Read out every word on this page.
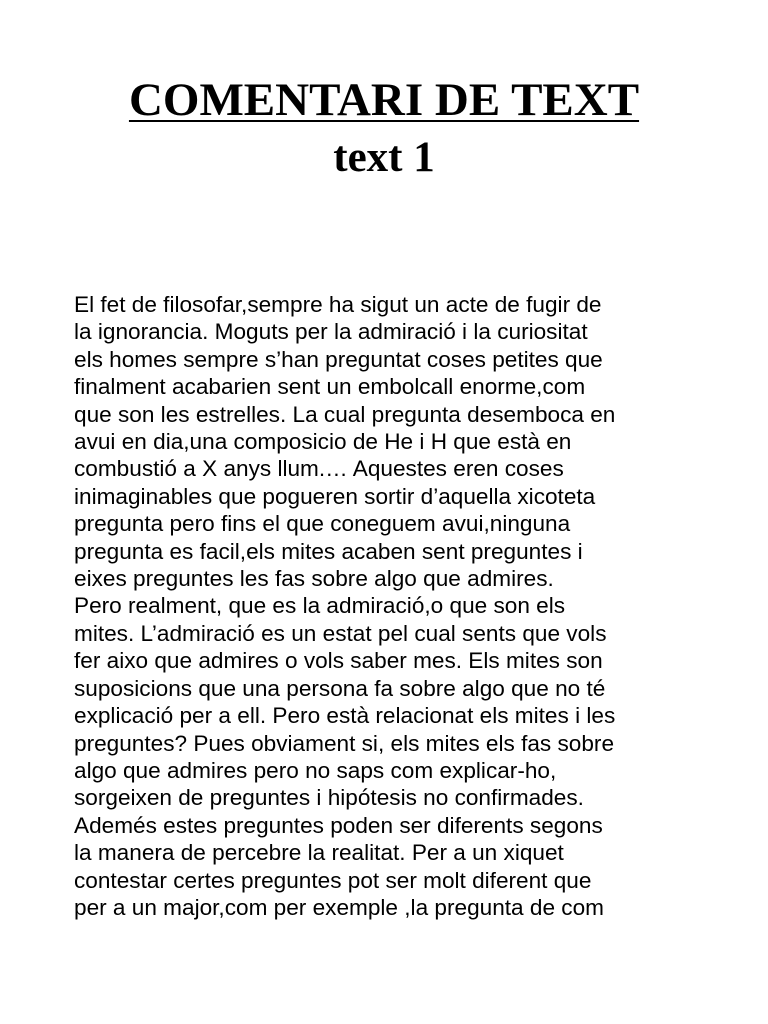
COMENTARI DE TEXT
text 1
El fet de filosofar,sempre ha sigut un acte de fugir de
la ignorancia. Moguts per la admiració i la curiositat
els homes sempre s’han preguntat coses petites que
finalment acabarien sent un embolcall enorme,com
que son les estrelles. La cual pregunta desemboca en
avui en dia,una composicio de He i H que està en
combustió a X anys llum.… Aquestes eren coses
inimaginables que pogueren sortir d’aquella xicoteta
pregunta pero fins el que coneguem avui,ninguna
pregunta es facil,els mites acaben sent preguntes i
eixes preguntes les fas sobre algo que admires.
Pero realment, que es la admiració,o que son els
mites. L’admiració es un estat pel cual sents que vols
fer aixo que admires o vols saber mes. Els mites son
suposicions que una persona fa sobre algo que no té
explicació per a ell. Pero està relacionat els mites i les
preguntes? Pues obviament si, els mites els fas sobre
algo que admires pero no saps com explicar-ho,
sorgeixen de preguntes i hipótesis no confirmades.
Ademés estes preguntes poden ser diferents segons
la manera de percebre la realitat. Per a un xiquet
contestar certes preguntes pot ser molt diferent que
per a un major,com per exemple ,la pregunta de com
